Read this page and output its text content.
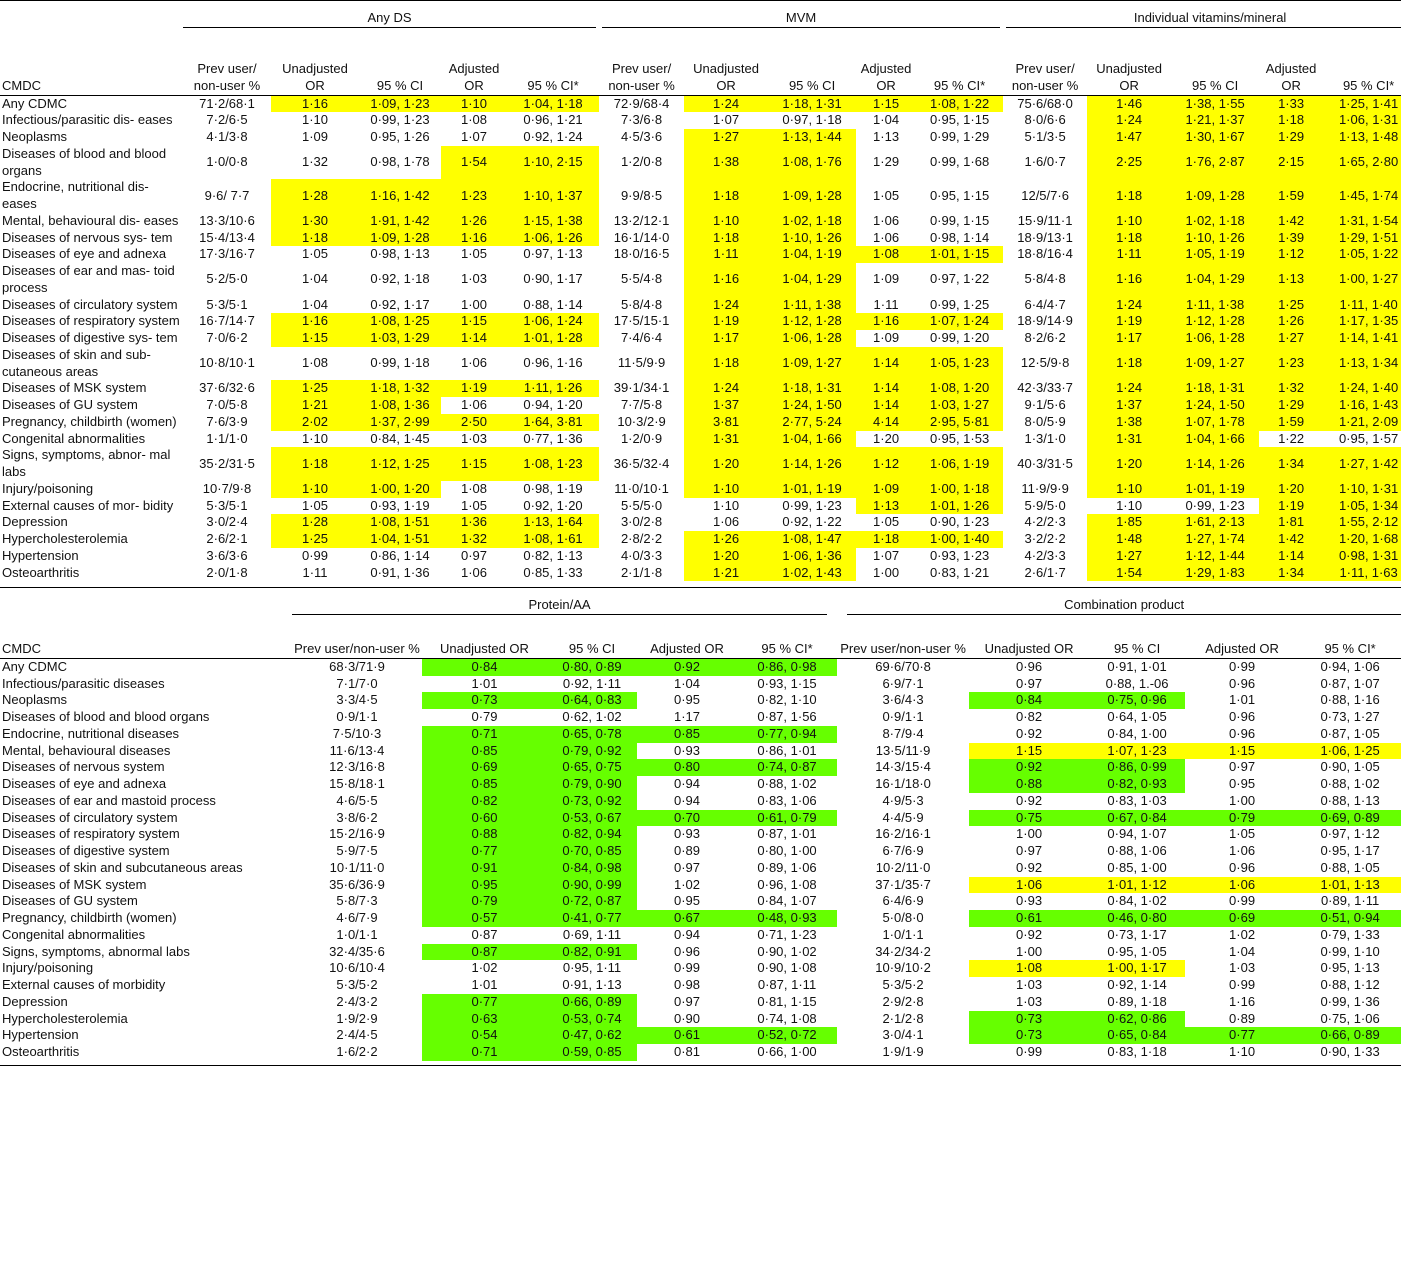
	Any DS					MVM					Individual vitamins/mineral				
CMDC	Prev user/ non-user %	Unadjusted OR	95 % CI	Adjusted OR	95 % CI*	Prev user/ non-user %	Unadjusted OR	95 % CI	Adjusted OR	95 % CI*	Prev user/ non-user %	Unadjusted OR	95 % CI	Adjusted OR	95 % CI*
Any CDMC	71·2/68·1	1·16	1·09, 1·23	1·10	1·04, 1·18	72·9/68·4	1·24	1·18, 1·31	1·15	1·08, 1·22	75·6/68·0	1·46	1·38, 1·55	1·33	1·25, 1·41
Infectious/parasitic dis- eases	7·2/6·5	1·10	0·99, 1·23	1·08	0·96, 1·21	7·3/6·8	1·07	0·97, 1·18	1·04	0·95, 1·15	8·0/6·6	1·24	1·21, 1·37	1·18	1·06, 1·31
Neoplasms	4·1/3·8	1·09	0·95, 1·26	1·07	0·92, 1·24	4·5/3·6	1·27	1·13, 1·44	1·13	0·99, 1·29	5·1/3·5	1·47	1·30, 1·67	1·29	1·13, 1·48
Diseases of blood and blood organs	1·0/0·8	1·32	0·98, 1·78	1·54	1·10, 2·15	1·2/0·8	1·38	1·08, 1·76	1·29	0·99, 1·68	1·6/0·7	2·25	1·76, 2·87	2·15	1·65, 2·80
Endocrine, nutritional dis- eases	9·6/ 7·7	1·28	1·16, 1·42	1·23	1·10, 1·37	9·9/8·5	1·18	1·09, 1·28	1·05	0·95, 1·15	12/5/7·6	1·18	1·09, 1·28	1·59	1·45, 1·74
Mental, behavioural dis- eases	13·3/10·6	1·30	1·91, 1·42	1·26	1·15, 1·38	13·2/12·1	1·10	1·02, 1·18	1·06	0·99, 1·15	15·9/11·1	1·10	1·02, 1·18	1·42	1·31, 1·54
Diseases of nervous sys- tem	15·4/13·4	1·18	1·09, 1·28	1·16	1·06, 1·26	16·1/14·0	1·18	1·10, 1·26	1·06	0·98, 1·14	18·9/13·1	1·18	1·10, 1·26	1·39	1·29, 1·51
Diseases of eye and adnexa	17·3/16·7	1·05	0·98, 1·13	1·05	0·97, 1·13	18·0/16·5	1·11	1·04, 1·19	1·08	1·01, 1·15	18·8/16·4	1·11	1·05, 1·19	1·12	1·05, 1·22
Diseases of ear and mas- toid process	5·2/5·0	1·04	0·92, 1·18	1·03	0·90, 1·17	5·5/4·8	1·16	1·04, 1·29	1·09	0·97, 1·22	5·8/4·8	1·16	1·04, 1·29	1·13	1·00, 1·27
Diseases of circulatory system	5·3/5·1	1·04	0·92, 1·17	1·00	0·88, 1·14	5·8/4·8	1·24	1·11, 1·38	1·11	0·99, 1·25	6·4/4·7	1·24	1·11, 1·38	1·25	1·11, 1·40
Diseases of respiratory system	16·7/14·7	1·16	1·08, 1·25	1·15	1·06, 1·24	17·5/15·1	1·19	1·12, 1·28	1·16	1·07, 1·24	18·9/14·9	1·19	1·12, 1·28	1·26	1·17, 1·35
Diseases of digestive sys- tem	7·0/6·2	1·15	1·03, 1·29	1·14	1·01, 1·28	7·4/6·4	1·17	1·06, 1·28	1·09	0·99, 1·20	8·2/6·2	1·17	1·06, 1·28	1·27	1·14, 1·41
Diseases of skin and sub- cutaneous areas	10·8/10·1	1·08	0·99, 1·18	1·06	0·96, 1·16	11·5/9·9	1·18	1·09, 1·27	1·14	1·05, 1·23	12·5/9·8	1·18	1·09, 1·27	1·23	1·13, 1·34
Diseases of MSK system	37·6/32·6	1·25	1·18, 1·32	1·19	1·11, 1·26	39·1/34·1	1·24	1·18, 1·31	1·14	1·08, 1·20	42·3/33·7	1·24	1·18, 1·31	1·32	1·24, 1·40
Diseases of GU system	7·0/5·8	1·21	1·08, 1·36	1·06	0·94, 1·20	7·7/5·8	1·37	1·24, 1·50	1·14	1·03, 1·27	9·1/5·6	1·37	1·24, 1·50	1·29	1·16, 1·43
Pregnancy, childbirth (women)	7·6/3·9	2·02	1·37, 2·99	2·50	1·64, 3·81	10·3/2·9	3·81	2·77, 5·24	4·14	2·95, 5·81	8·0/5·9	1·38	1·07, 1·78	1·59	1·21, 2·09
Congenital abnormalities	1·1/1·0	1·10	0·84, 1·45	1·03	0·77, 1·36	1·2/0·9	1·31	1·04, 1·66	1·20	0·95, 1·53	1·3/1·0	1·31	1·04, 1·66	1·22	0·95, 1·57
Signs, symptoms, abnor- mal labs	35·2/31·5	1·18	1·12, 1·25	1·15	1·08, 1·23	36·5/32·4	1·20	1·14, 1·26	1·12	1·06, 1·19	40·3/31·5	1·20	1·14, 1·26	1·34	1·27, 1·42
Injury/poisoning	10·7/9·8	1·10	1·00, 1·20	1·08	0·98, 1·19	11·0/10·1	1·10	1·01, 1·19	1·09	1·00, 1·18	11·9/9·9	1·10	1·01, 1·19	1·20	1·10, 1·31
External causes of mor- bidity	5·3/5·1	1·05	0·93, 1·19	1·05	0·92, 1·20	5·5/5·0	1·10	0·99, 1·23	1·13	1·01, 1·26	5·9/5·0	1·10	0·99, 1·23	1·19	1·05, 1·34
Depression	3·0/2·4	1·28	1·08, 1·51	1·36	1·13, 1·64	3·0/2·8	1·06	0·92, 1·22	1·05	0·90, 1·23	4·2/2·3	1·85	1·61, 2·13	1·81	1·55, 2·12
Hypercholesterolemia	2·6/2·1	1·25	1·04, 1·51	1·32	1·08, 1·61	2·8/2·2	1·26	1·08, 1·47	1·18	1·00, 1·40	3·2/2·2	1·48	1·27, 1·74	1·42	1·20, 1·68
Hypertension	3·6/3·6	0·99	0·86, 1·14	0·97	0·82, 1·13	4·0/3·3	1·20	1·06, 1·36	1·07	0·93, 1·23	4·2/3·3	1·27	1·12, 1·44	1·14	0·98, 1·31
Osteoarthritis	2·0/1·8	1·11	0·91, 1·36	1·06	0·85, 1·33	2·1/1·8	1·21	1·02, 1·43	1·00	0·83, 1·21	2·6/1·7	1·54	1·29, 1·83	1·34	1·11, 1·63
	Protein/AA					Combination product				
CMDC	Prev user/non-user %	Unadjusted OR	95 % CI	Adjusted OR	95 % CI*	Prev user/non-user %	Unadjusted OR	95 % CI	Adjusted OR	95 % CI*
Any CDMC	68·3/71·9	0·84	0·80, 0·89	0·92	0·86, 0·98	69·6/70·8	0·96	0·91, 1·01	0·99	0·94, 1·06
Infectious/parasitic diseases	7·1/7·0	1·01	0·92, 1·11	1·04	0·93, 1·15	6·9/7·1	0·97	0·88, 1.-06	0·96	0·87, 1·07
Neoplasms	3·3/4·5	0·73	0·64, 0·83	0·95	0·82, 1·10	3·6/4·3	0·84	0·75, 0·96	1·01	0·88, 1·16
Diseases of blood and blood organs	0·9/1·1	0·79	0·62, 1·02	1·17	0·87, 1·56	0·9/1·1	0·82	0·64, 1·05	0·96	0·73, 1·27
Endocrine, nutritional diseases	7·5/10·3	0·71	0·65, 0·78	0·85	0·77, 0·94	8·7/9·4	0·92	0·84, 1·00	0·96	0·87, 1·05
Mental, behavioural diseases	11·6/13·4	0·85	0·79, 0·92	0·93	0·86, 1·01	13·5/11·9	1·15	1·07, 1·23	1·15	1·06, 1·25
Diseases of nervous system	12·3/16·8	0·69	0·65, 0·75	0·80	0·74, 0·87	14·3/15·4	0·92	0·86, 0·99	0·97	0·90, 1·05
Diseases of eye and adnexa	15·8/18·1	0·85	0·79, 0·90	0·94	0·88, 1·02	16·1/18·0	0·88	0·82, 0·93	0·95	0·88, 1·02
Diseases of ear and mastoid process	4·6/5·5	0·82	0·73, 0·92	0·94	0·83, 1·06	4·9/5·3	0·92	0·83, 1·03	1·00	0·88, 1·13
Diseases of circulatory system	3·8/6·2	0·60	0·53, 0·67	0·70	0·61, 0·79	4·4/5·9	0·75	0·67, 0·84	0·79	0·69, 0·89
Diseases of respiratory system	15·2/16·9	0·88	0·82, 0·94	0·93	0·87, 1·01	16·2/16·1	1·00	0·94, 1·07	1·05	0·97, 1·12
Diseases of digestive system	5·9/7·5	0·77	0·70, 0·85	0·89	0·80, 1·00	6·7/6·9	0·97	0·88, 1·06	1·06	0·95, 1·17
Diseases of skin and subcutaneous areas	10·1/11·0	0·91	0·84, 0·98	0·97	0·89, 1·06	10·2/11·0	0·92	0·85, 1·00	0·96	0·88, 1·05
Diseases of MSK system	35·6/36·9	0·95	0·90, 0·99	1·02	0·96, 1·08	37·1/35·7	1·06	1·01, 1·12	1·06	1·01, 1·13
Diseases of GU system	5·8/7·3	0·79	0·72, 0·87	0·95	0·84, 1·07	6·4/6·9	0·93	0·84, 1·02	0·99	0·89, 1·11
Pregnancy, childbirth (women)	4·6/7·9	0·57	0·41, 0·77	0·67	0·48, 0·93	5·0/8·0	0·61	0·46, 0·80	0·69	0·51, 0·94
Congenital abnormalities	1·0/1·1	0·87	0·69, 1·11	0·94	0·71, 1·23	1·0/1·1	0·92	0·73, 1·17	1·02	0·79, 1·33
Signs, symptoms, abnormal labs	32·4/35·6	0·87	0·82, 0·91	0·96	0·90, 1·02	34·2/34·2	1·00	0·95, 1·05	1·04	0·99, 1·10
Injury/poisoning	10·6/10·4	1·02	0·95, 1·11	0·99	0·90, 1·08	10·9/10·2	1·08	1·00, 1·17	1·03	0·95, 1·13
External causes of morbidity	5·3/5·2	1·01	0·91, 1·13	0·98	0·87, 1·11	5·3/5·2	1·03	0·92, 1·14	0·99	0·88, 1·12
Depression	2·4/3·2	0·77	0·66, 0·89	0·97	0·81, 1·15	2·9/2·8	1·03	0·89, 1·18	1·16	0·99, 1·36
Hypercholesterolemia	1·9/2·9	0·63	0·53, 0·74	0·90	0·74, 1·08	2·1/2·8	0·73	0·62, 0·86	0·89	0·75, 1·06
Hypertension	2·4/4·5	0·54	0·47, 0·62	0·61	0·52, 0·72	3·0/4·1	0·73	0·65, 0·84	0·77	0·66, 0·89
Osteoarthritis	1·6/2·2	0·71	0·59, 0·85	0·81	0·66, 1·00	1·9/1·9	0·99	0·83, 1·18	1·10	0·90, 1·33
